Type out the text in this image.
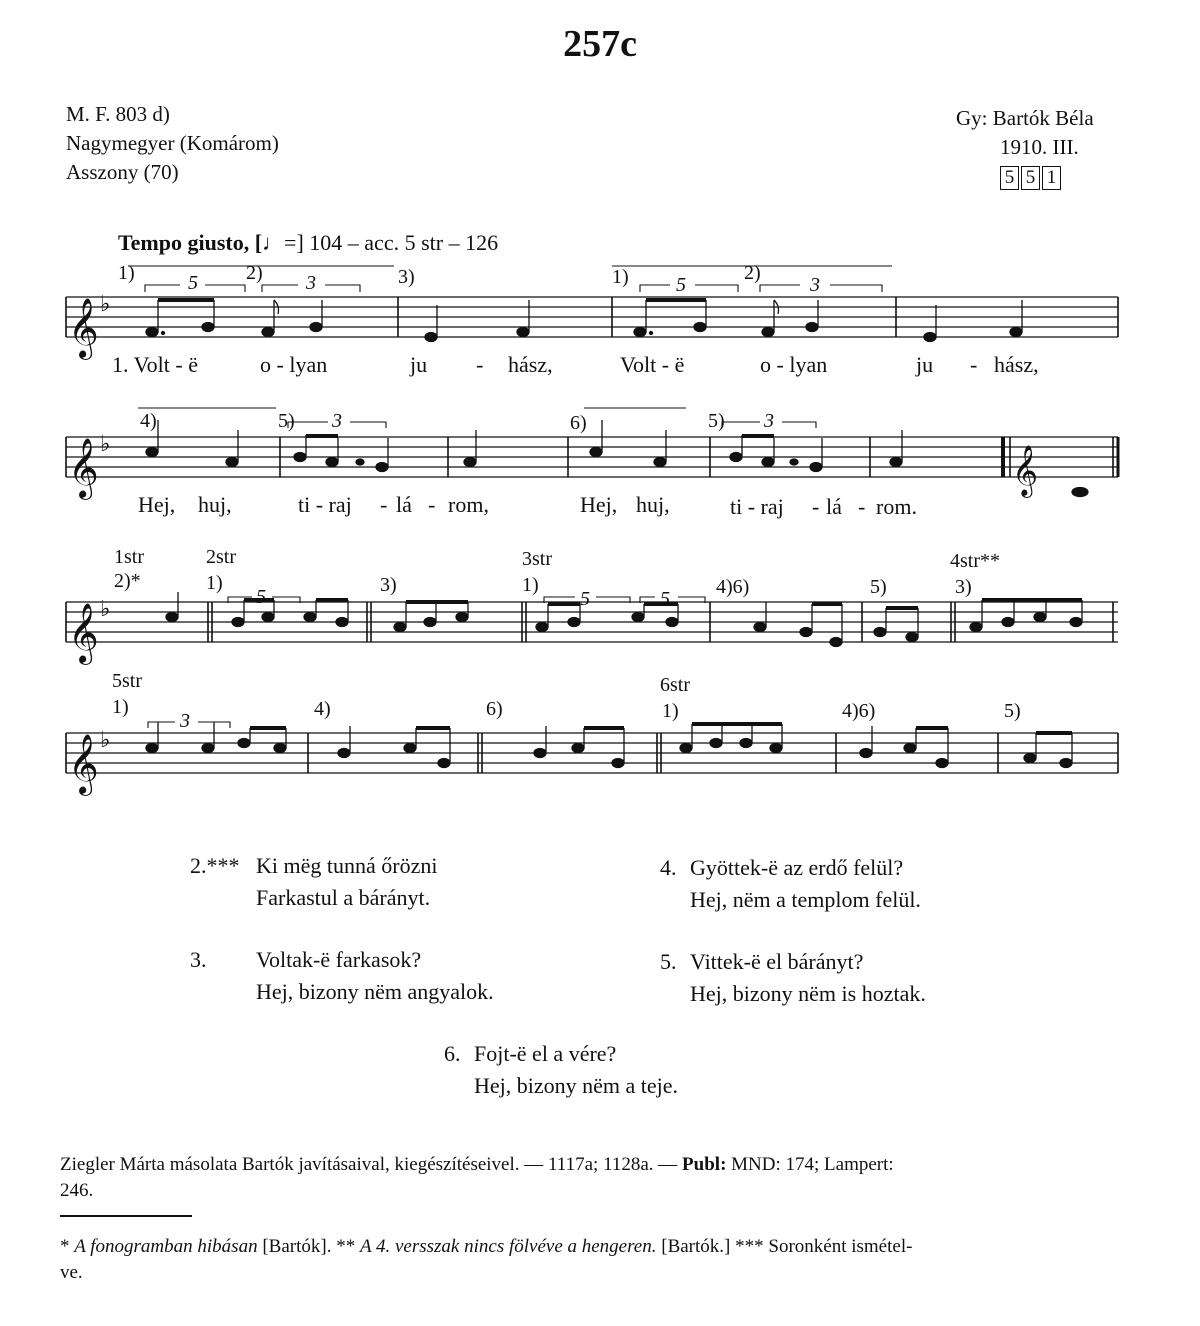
257c
M. F. 803 d)
Nagymegyer (Komárom)
Asszony (70)
Gy: Bartók Béla
1910. III.
5 5 1
Tempo giusto, [♩=] 104 – acc. 5 str – 126
𝄞
𝄞
𝄞
𝄞
𝄞
♭
♭
♭
♭
1)	5 2) 3	3)	1) 5
2)
3
1. Volt - ë	o - lyan	ju - hász,	Volt - ë	o - lyan	ju - hász,
4)	5) 3	6)	5) 3
Hej, huj,	ti - raj - lá - rom,	Hej, huj,	ti - raj - lá - rom.
1str
2)*
2str
1)
5
3)
3str
1)
5	5
4)6)	5)
4str**
3)
5str
1)
3
4)	6)
6str
1)	4)6)	5)
2.*** Ki mëg tunná őrözni
Farkastul a bárányt.
4. Gyöttek-ë az erdő felül?
Hej, nëm a templom felül.
3. Voltak-ë farkasok?
Hej, bizony nëm angyalok.
5. Vittek-ë el bárányt?
Hej, bizony nëm is hoztak.
6. Fojt-ë el a vére?
Hej, bizony nëm a teje.
Ziegler Márta másolata Bartók javításaival, kiegészítéseivel. — 1117a; 1128a. — Publ: MND: 174; Lampert:
246.
* A fonogramban hibásan [Bartók]. ** A 4. versszak nincs fölvéve a hengeren. [Bartók.] *** Soronként ismétel-
ve.
